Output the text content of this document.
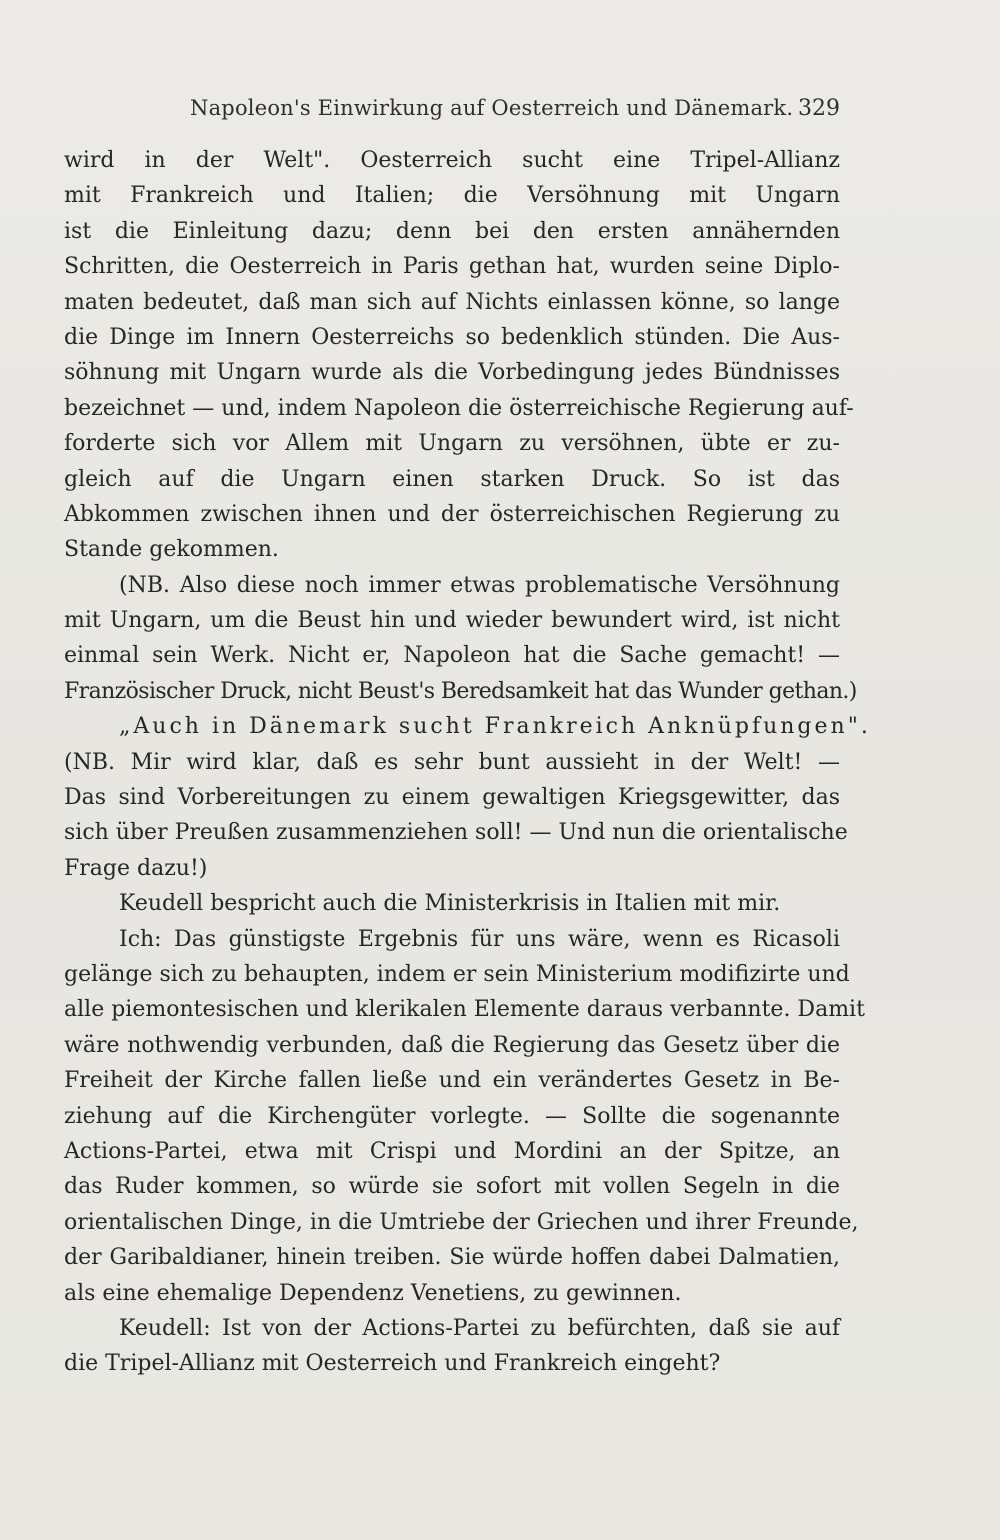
Napoleon's Einwirkung auf Oesterreich und Dänemark. 329
wird in der Welt". Oesterreich sucht eine Tripel-Allianz
mit Frankreich und Italien; die Versöhnung mit Ungarn
ist die Einleitung dazu; denn bei den ersten annähernden
Schritten, die Oesterreich in Paris gethan hat, wurden seine Diplo-
maten bedeutet, daß man sich auf Nichts einlassen könne, so lange
die Dinge im Innern Oesterreichs so bedenklich stünden. Die Aus-
söhnung mit Ungarn wurde als die Vorbedingung jedes Bündnisses
bezeichnet — und, indem Napoleon die österreichische Regierung auf-
forderte sich vor Allem mit Ungarn zu versöhnen, übte er zu-
gleich auf die Ungarn einen starken Druck. So ist das
Abkommen zwischen ihnen und der österreichischen Regierung zu
Stande gekommen.
(NB. Also diese noch immer etwas problematische Versöhnung
mit Ungarn, um die Beust hin und wieder bewundert wird, ist nicht
einmal sein Werk. Nicht er, Napoleon hat die Sache gemacht! —
Französischer Druck, nicht Beust's Beredsamkeit hat das Wunder gethan.)
„Auch in Dänemark sucht Frankreich Anknüpfungen".
(NB. Mir wird klar, daß es sehr bunt aussieht in der Welt! —
Das sind Vorbereitungen zu einem gewaltigen Kriegsgewitter, das
sich über Preußen zusammenziehen soll! — Und nun die orientalische
Frage dazu!)
Keudell bespricht auch die Ministerkrisis in Italien mit mir.
Ich: Das günstigste Ergebnis für uns wäre, wenn es Ricasoli
gelänge sich zu behaupten, indem er sein Ministerium modifizirte und
alle piemontesischen und klerikalen Elemente daraus verbannte. Damit
wäre nothwendig verbunden, daß die Regierung das Gesetz über die
Freiheit der Kirche fallen ließe und ein verändertes Gesetz in Be-
ziehung auf die Kirchengüter vorlegte. — Sollte die sogenannte
Actions-Partei, etwa mit Crispi und Mordini an der Spitze, an
das Ruder kommen, so würde sie sofort mit vollen Segeln in die
orientalischen Dinge, in die Umtriebe der Griechen und ihrer Freunde,
der Garibaldianer, hinein treiben. Sie würde hoffen dabei Dalmatien,
als eine ehemalige Dependenz Venetiens, zu gewinnen.
Keudell: Ist von der Actions-Partei zu befürchten, daß sie auf
die Tripel-Allianz mit Oesterreich und Frankreich eingeht?
